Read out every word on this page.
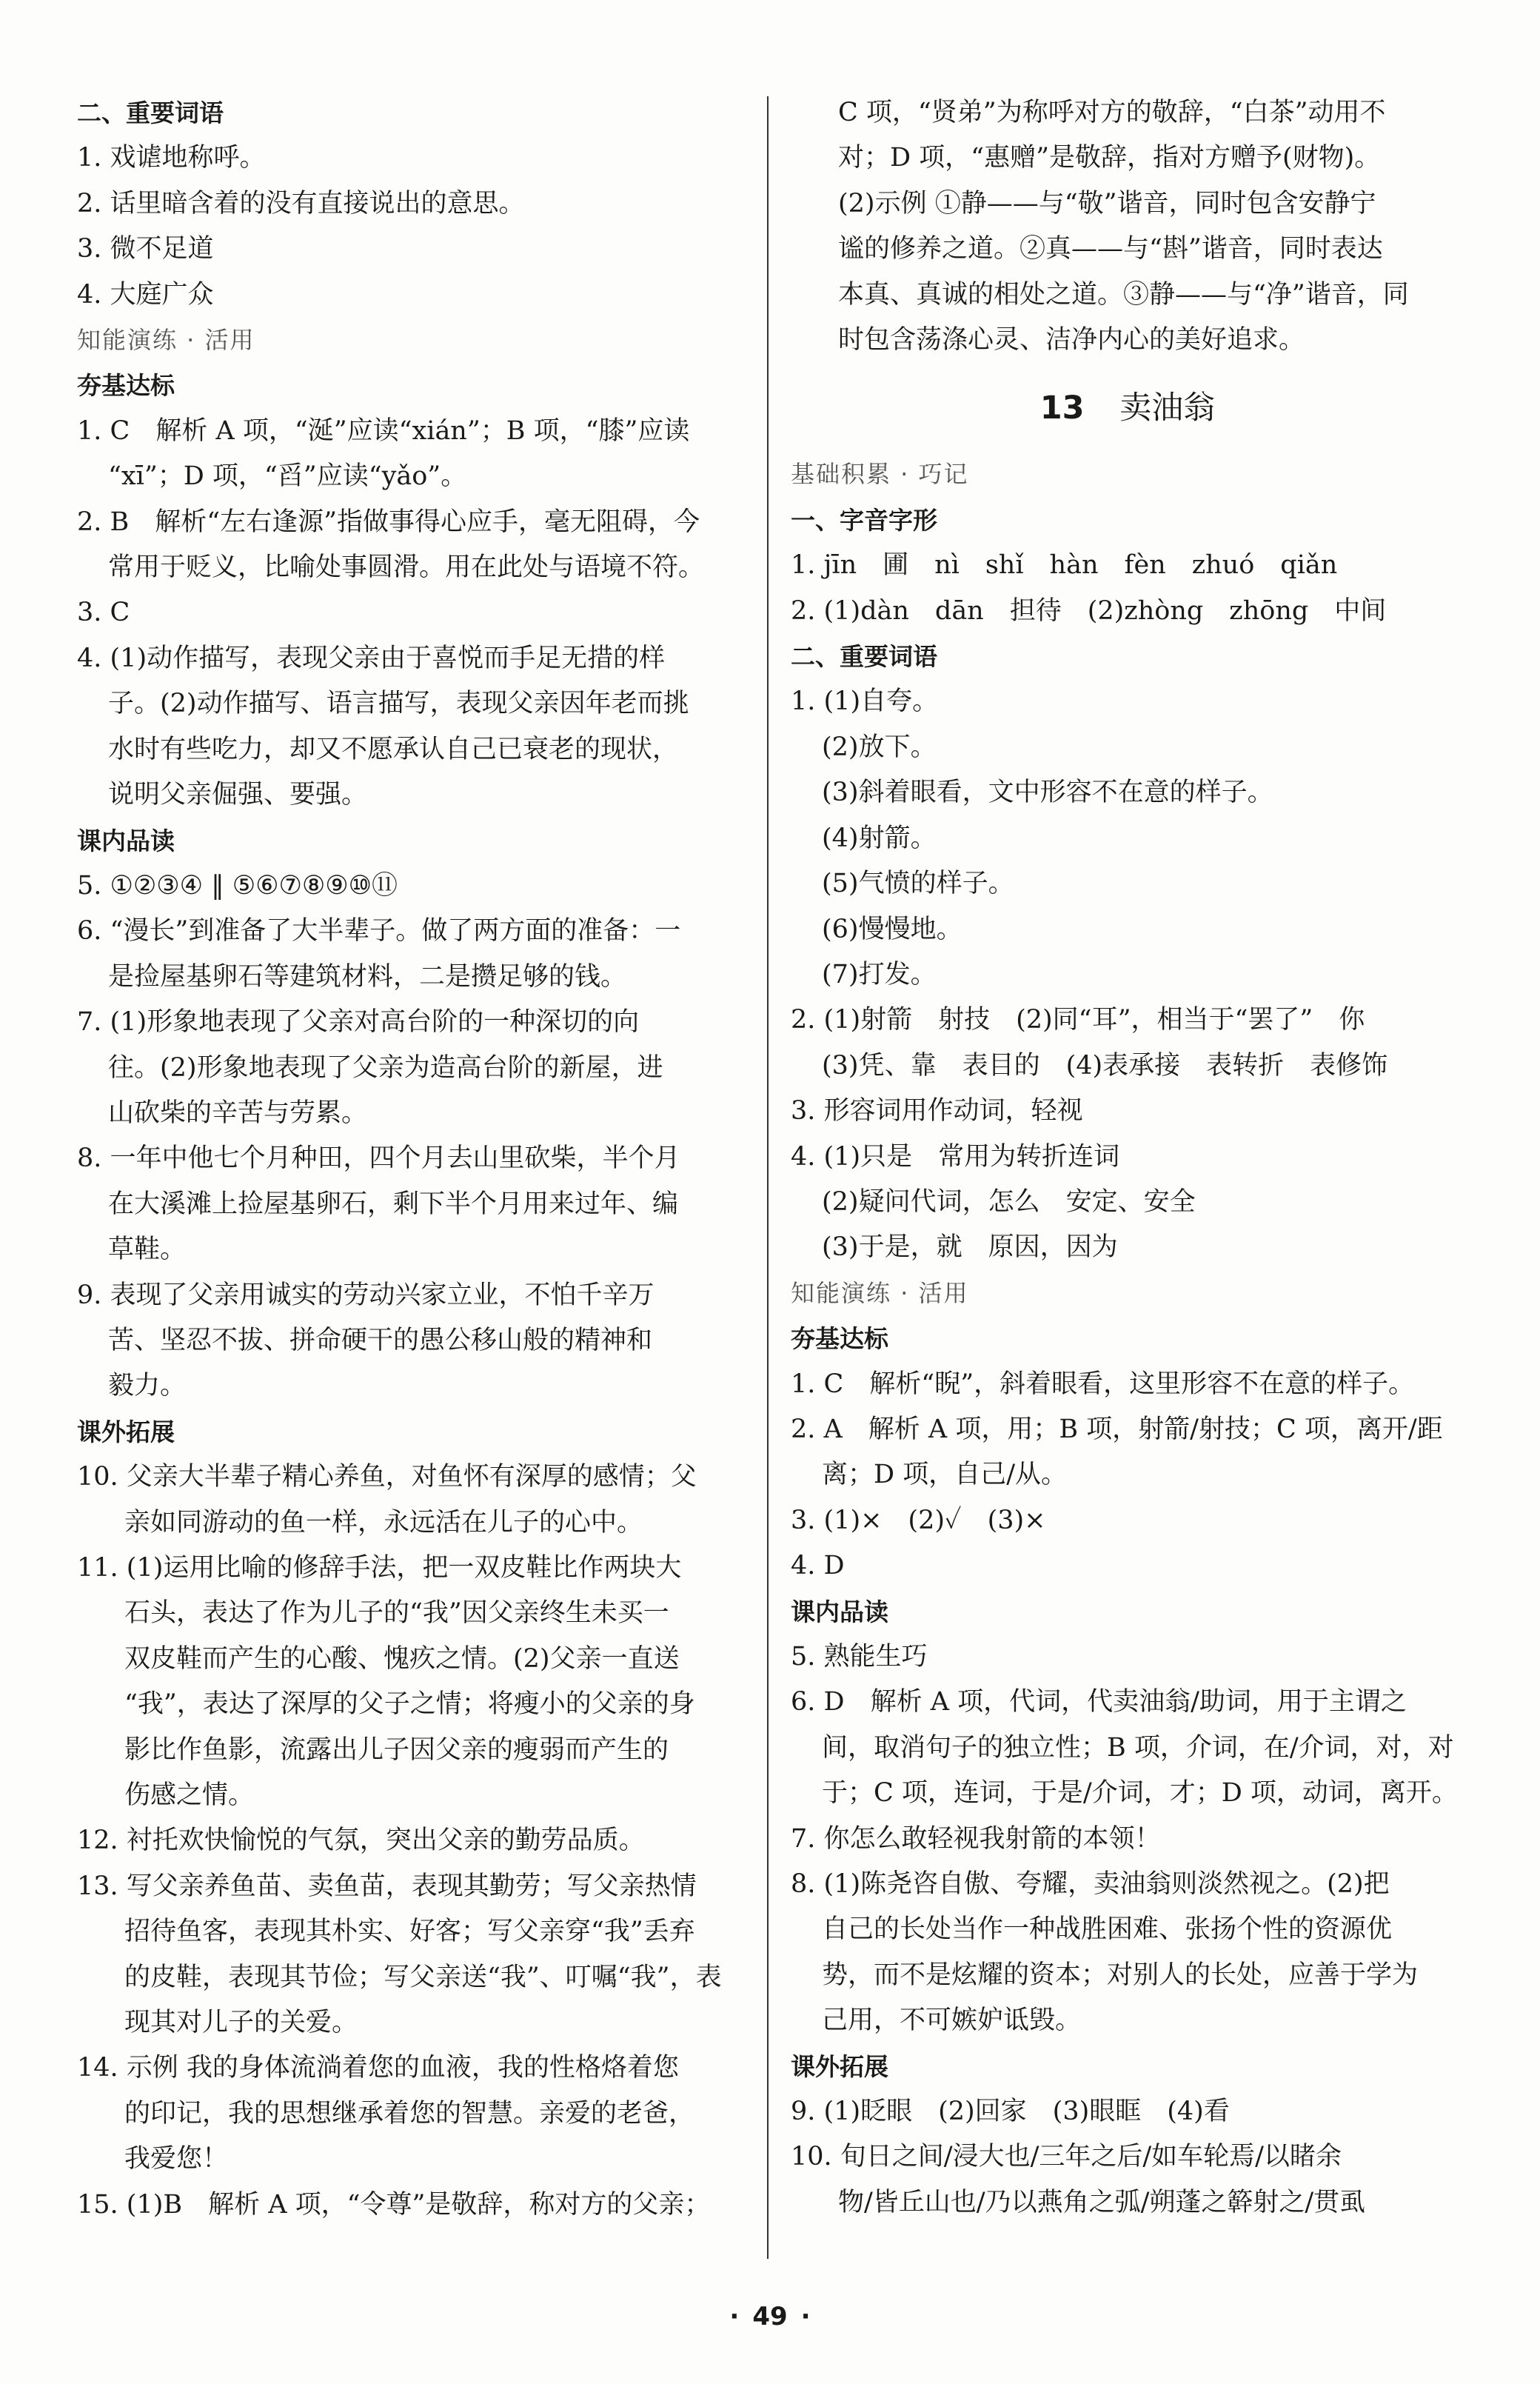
二、重要词语
1. 戏谑地称呼。
2. 话里暗含着的没有直接说出的意思。
3. 微不足道
4. 大庭广众
知能演练 · 活用
夯基达标
1. C　解析 A 项，“涎”应读“xián”；B 项，“膝”应读
“xī”；D 项，“舀”应读“yǎo”。
2. B　解析“左右逢源”指做事得心应手，毫无阻碍，今
常用于贬义，比喻处事圆滑。用在此处与语境不符。
3. C
4. (1)动作描写，表现父亲由于喜悦而手足无措的样
子。(2)动作描写、语言描写，表现父亲因年老而挑
水时有些吃力，却又不愿承认自己已衰老的现状，
说明父亲倔强、要强。
课内品读
5. ①②③④ ‖ ⑤⑥⑦⑧⑨⑩⑪
6. “漫长”到准备了大半辈子。做了两方面的准备：一
是捡屋基卵石等建筑材料，二是攒足够的钱。
7. (1)形象地表现了父亲对高台阶的一种深切的向
往。(2)形象地表现了父亲为造高台阶的新屋，进
山砍柴的辛苦与劳累。
8. 一年中他七个月种田，四个月去山里砍柴，半个月
在大溪滩上捡屋基卵石，剩下半个月用来过年、编
草鞋。
9. 表现了父亲用诚实的劳动兴家立业，不怕千辛万
苦、坚忍不拔、拼命硬干的愚公移山般的精神和
毅力。
课外拓展
10. 父亲大半辈子精心养鱼，对鱼怀有深厚的感情；父
亲如同游动的鱼一样，永远活在儿子的心中。
11. (1)运用比喻的修辞手法，把一双皮鞋比作两块大
石头，表达了作为儿子的“我”因父亲终生未买一
双皮鞋而产生的心酸、愧疚之情。(2)父亲一直送
“我”，表达了深厚的父子之情；将瘦小的父亲的身
影比作鱼影，流露出儿子因父亲的瘦弱而产生的
伤感之情。
12. 衬托欢快愉悦的气氛，突出父亲的勤劳品质。
13. 写父亲养鱼苗、卖鱼苗，表现其勤劳；写父亲热情
招待鱼客，表现其朴实、好客；写父亲穿“我”丢弃
的皮鞋，表现其节俭；写父亲送“我”、叮嘱“我”，表
现其对儿子的关爱。
14. 示例 我的身体流淌着您的血液，我的性格烙着您
的印记，我的思想继承着您的智慧。亲爱的老爸，
我爱您！
15. (1)B　解析 A 项，“令尊”是敬辞，称对方的父亲；
C 项，“贤弟”为称呼对方的敬辞，“白茶”动用不
对；D 项，“惠赠”是敬辞，指对方赠予(财物)。
(2)示例 ①静——与“敬”谐音，同时包含安静宁
谧的修养之道。②真——与“斟”谐音，同时表达
本真、真诚的相处之道。③静——与“净”谐音，同
时包含荡涤心灵、洁净内心的美好追求。
13 卖油翁
基础积累 · 巧记
一、字音字形
1. jīn　圃　nì　shǐ　hàn　fèn　zhuó　qiǎn
2. (1)dàn　dān　担待　(2)zhòng　zhōng　中间
二、重要词语
1. (1)自夸。
(2)放下。
(3)斜着眼看，文中形容不在意的样子。
(4)射箭。
(5)气愤的样子。
(6)慢慢地。
(7)打发。
2. (1)射箭　射技　(2)同“耳”，相当于“罢了”　你
(3)凭、靠　表目的　(4)表承接　表转折　表修饰
3. 形容词用作动词，轻视
4. (1)只是　常用为转折连词
(2)疑问代词，怎么　安定、安全
(3)于是，就　原因，因为
知能演练 · 活用
夯基达标
1. C　解析“睨”，斜着眼看，这里形容不在意的样子。
2. A　解析 A 项，用；B 项，射箭/射技；C 项，离开/距
离；D 项，自己/从。
3. (1)×　(2)✓　(3)×
4. D
课内品读
5. 熟能生巧
6. D　解析 A 项，代词，代卖油翁/助词，用于主谓之
间，取消句子的独立性；B 项，介词，在/介词，对，对
于；C 项，连词，于是/介词，才；D 项，动词，离开。
7. 你怎么敢轻视我射箭的本领！
8. (1)陈尧咨自傲、夸耀，卖油翁则淡然视之。(2)把
自己的长处当作一种战胜困难、张扬个性的资源优
势，而不是炫耀的资本；对别人的长处，应善于学为
己用，不可嫉妒诋毁。
课外拓展
9. (1)眨眼　(2)回家　(3)眼眶　(4)看
10. 旬日之间/浸大也/三年之后/如车轮焉/以睹余
物/皆丘山也/乃以燕角之弧/朔蓬之簳射之/贯虱
· 49 ·
